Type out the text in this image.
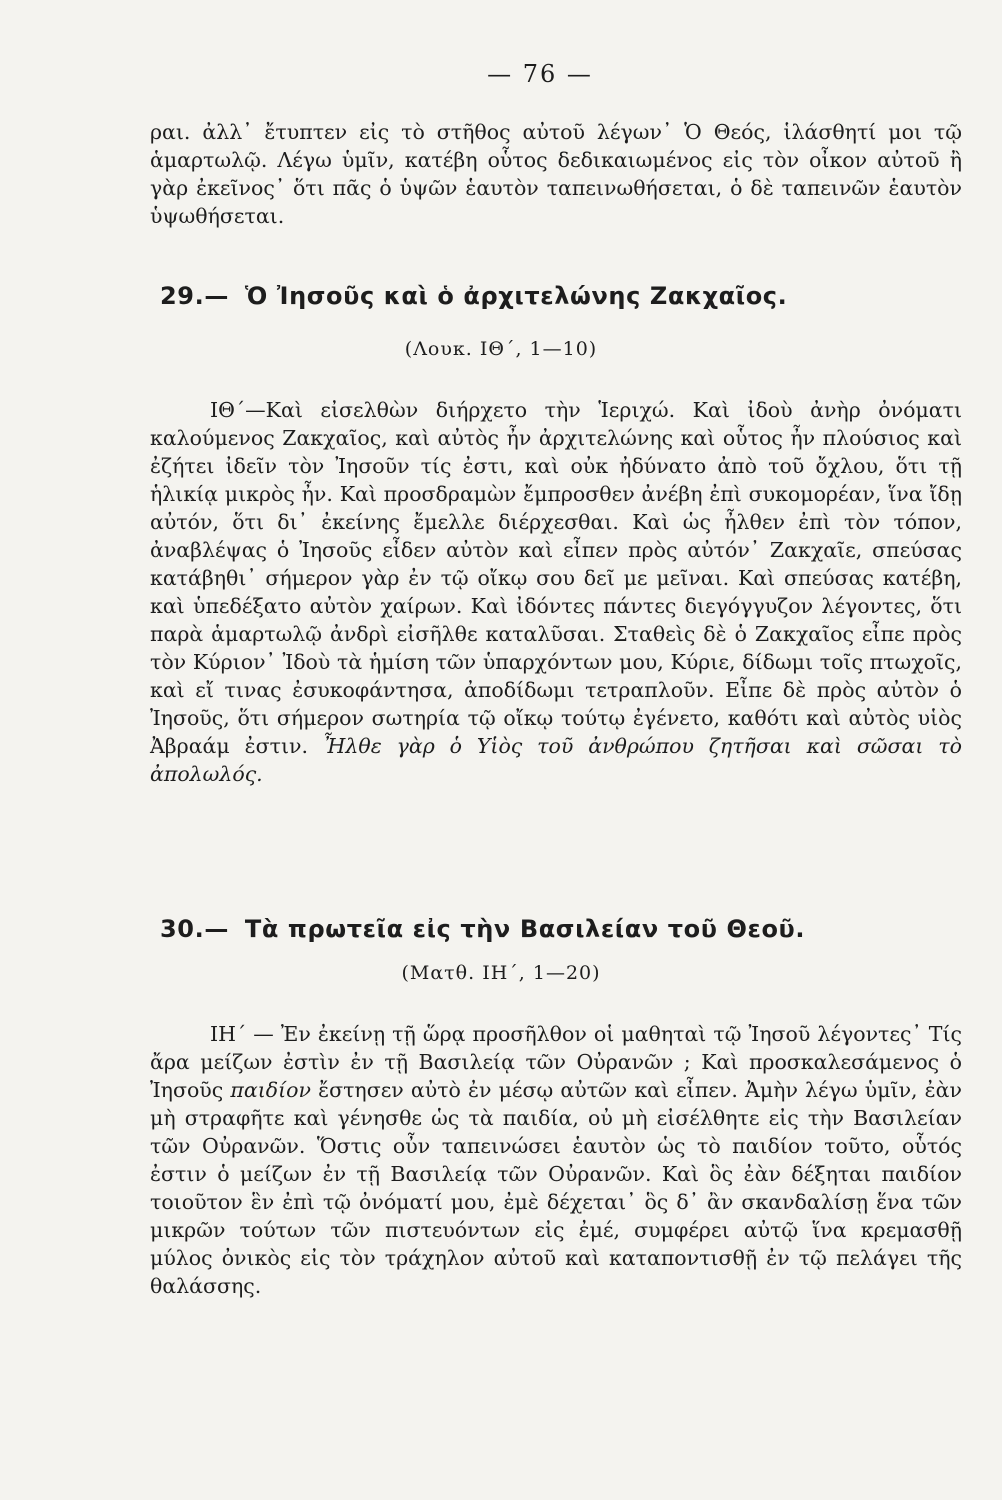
— 76 —

ραι. ἀλλ᾽ ἔτυπτεν εἰς τὸ στῆθος αὐτοῦ λέγων᾽ Ὁ Θεός, ἱλάσθητί μοι τῷ ἁμαρτωλῷ. Λέγω ὑμῖν, κατέβη οὗτος δεδικαιωμένος εἰς τὸν οἶκον αὐτοῦ ἢ γὰρ ἐκεῖνος᾽ ὅτι πᾶς ὁ ὑψῶν ἑαυτὸν ταπεινωθήσεται, ὁ δὲ ταπεινῶν ἑαυτὸν ὑψωθήσεται.

29.— Ὁ Ἰησοῦς καὶ ὁ ἀρχιτελώνης Ζακχαῖος.
(Λουκ. ΙΘ΄, 1—10)

ΙΘ΄—Καὶ εἰσελθὼν διήρχετο τὴν Ἱεριχώ. Καὶ ἰδοὺ ἀνὴρ ὀνόματι καλούμενος Ζακχαῖος, καὶ αὐτὸς ἦν ἀρχιτελώνης καὶ οὗτος ἦν πλούσιος καὶ ἐζήτει ἰδεῖν τὸν Ἰησοῦν τίς ἐστι, καὶ οὐκ ἠδύνατο ἀπὸ τοῦ ὄχλου, ὅτι τῇ ἡλικίᾳ μικρὸς ἦν. Καὶ προσδραμὼν ἔμπροσθεν ἀνέβη ἐπὶ συκομορέαν, ἵνα ἴδῃ αὐτόν, ὅτι δι᾽ ἐκείνης ἔμελλε διέρχεσθαι. Καὶ ὡς ἦλθεν ἐπὶ τὸν τόπον, ἀναβλέψας ὁ Ἰησοῦς εἶδεν αὐτὸν καὶ εἶπεν πρὸς αὐτόν᾽ Ζακχαῖε, σπεύσας κατάβηθι᾽ σήμερον γὰρ ἐν τῷ οἴκῳ σου δεῖ με μεῖναι. Καὶ σπεύσας κατέβη, καὶ ὑπεδέξατο αὐτὸν χαίρων. Καὶ ἰδόντες πάντες διεγόγγυζον λέγοντες, ὅτι παρὰ ἁμαρτωλῷ ἀνδρὶ εἰσῆλθε καταλῦσαι. Σταθεὶς δὲ ὁ Ζακχαῖος εἶπε πρὸς τὸν Κύριον᾽ Ἰδοὺ τὰ ἡμίση τῶν ὑπαρχόντων μου, Κύριε, δίδωμι τοῖς πτωχοῖς, καὶ εἴ τινας ἐσυκοφάντησα, ἀποδίδωμι τετραπλοῦν. Εἶπε δὲ πρὸς αὐτὸν ὁ Ἰησοῦς, ὅτι σήμερον σωτηρία τῷ οἴκῳ τούτῳ ἐγένετο, καθότι καὶ αὐτὸς υἱὸς Ἀβραάμ ἐστιν. Ἦλθε γὰρ ὁ Υἱὸς τοῦ ἀνθρώπου ζητῆσαι καὶ σῶσαι τὸ ἀπολωλός.

30.— Τὰ πρωτεῖα εἰς τὴν Βασιλείαν τοῦ Θεοῦ.
(Ματθ. ΙΗ΄, 1—20)

ΙΗ΄ — Ἐν ἐκείνῃ τῇ ὥρᾳ προσῆλθον οἱ μαθηταὶ τῷ Ἰησοῦ λέγοντες᾽ Τίς ἄρα μείζων ἐστὶν ἐν τῇ Βασιλείᾳ τῶν Οὐρανῶν ; Καὶ προσκαλεσάμενος ὁ Ἰησοῦς παιδίον ἔστησεν αὐτὸ ἐν μέσῳ αὐτῶν καὶ εἶπεν. Ἀμὴν λέγω ὑμῖν, ἐὰν μὴ στραφῆτε καὶ γένησθε ὡς τὰ παιδία, οὐ μὴ εἰσέλθητε εἰς τὴν Βασιλείαν τῶν Οὐρανῶν. Ὅστις οὖν ταπεινώσει ἑαυτὸν ὡς τὸ παιδίον τοῦτο, οὗτός ἐστιν ὁ μείζων ἐν τῇ Βασιλείᾳ τῶν Οὐρανῶν. Καὶ ὃς ἐὰν δέξηται παιδίον τοιοῦτον ἓν ἐπὶ τῷ ὀνόματί μου, ἐμὲ δέχεται᾽ ὃς δ᾽ ἂν σκανδαλίσῃ ἕνα τῶν μικρῶν τούτων τῶν πιστευόντων εἰς ἐμέ, συμφέρει αὐτῷ ἵνα κρεμασθῇ μύλος ὀνικὸς εἰς τὸν τράχηλον αὐτοῦ καὶ καταποντισθῇ ἐν τῷ πελάγει τῆς θαλάσσης.
